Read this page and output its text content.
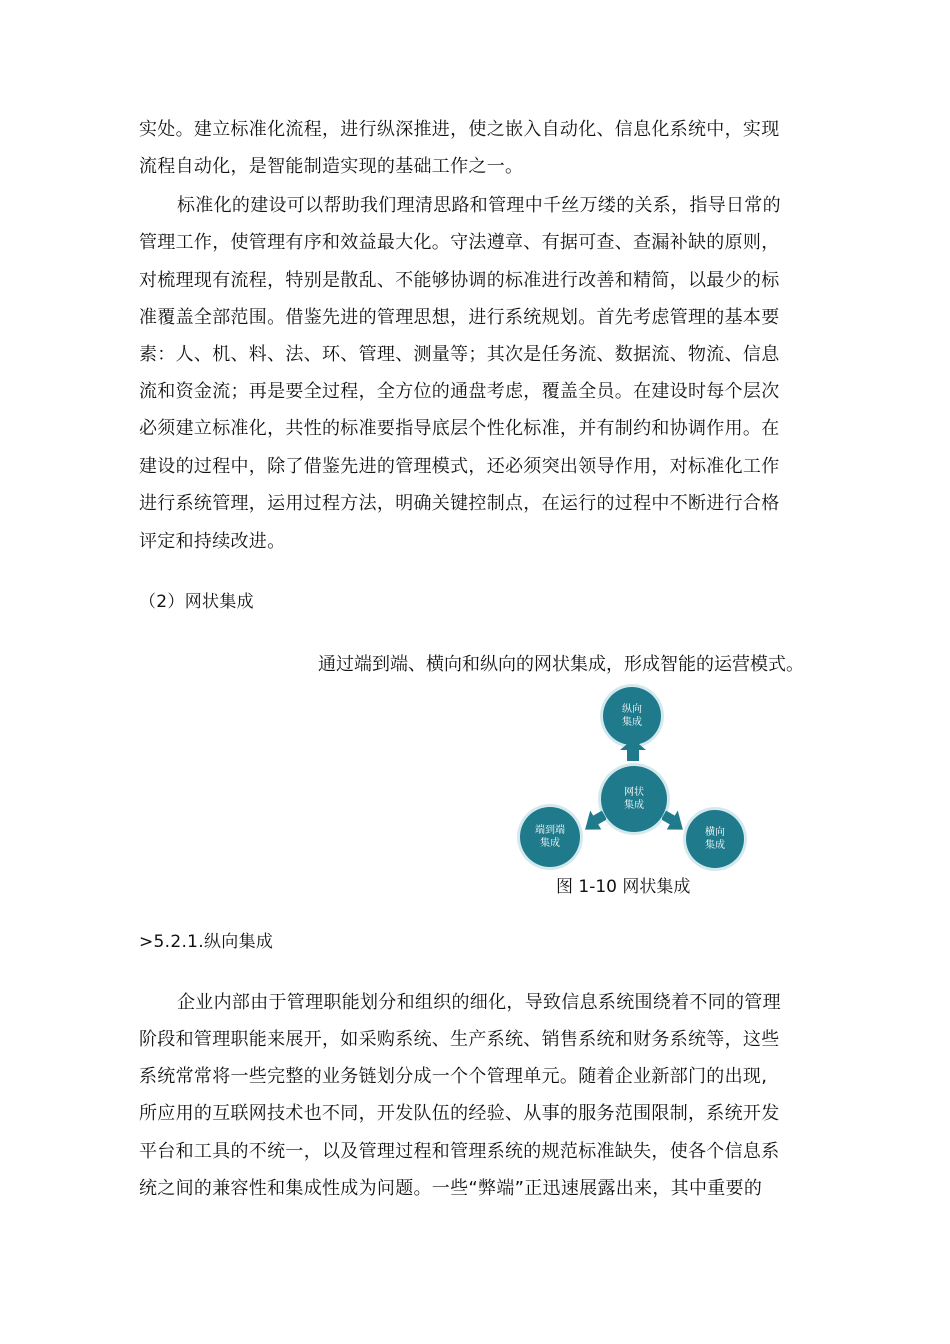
实处。建立标准化流程，进行纵深推进，使之嵌入自动化、信息化系统中，实现
流程自动化，是智能制造实现的基础工作之一。
标准化的建设可以帮助我们理清思路和管理中千丝万缕的关系，指导日常的
管理工作，使管理有序和效益最大化。守法遵章、有据可查、查漏补缺的原则，
对梳理现有流程，特别是散乱、不能够协调的标准进行改善和精简，以最少的标
准覆盖全部范围。借鉴先进的管理思想，进行系统规划。首先考虑管理的基本要
素：人、机、料、法、环、管理、测量等；其次是任务流、数据流、物流、信息
流和资金流；再是要全过程，全方位的通盘考虑，覆盖全员。在建设时每个层次
必须建立标准化，共性的标准要指导底层个性化标准，并有制约和协调作用。在
建设的过程中，除了借鉴先进的管理模式，还必须突出领导作用，对标准化工作
进行系统管理，运用过程方法，明确关键控制点，在运行的过程中不断进行合格
评定和持续改进。
（2）网状集成
通过端到端、横向和纵向的网状集成，形成智能的运营模式。
纵向
集成
网状
集成
端到端
集成
横向
集成
图 1-10 网状集成
>5.2.1.纵向集成
企业内部由于管理职能划分和组织的细化，导致信息系统围绕着不同的管理
阶段和管理职能来展开，如采购系统、生产系统、销售系统和财务系统等，这些
系统常常将一些完整的业务链划分成一个个管理单元。随着企业新部门的出现,
所应用的互联网技术也不同，开发队伍的经验、从事的服务范围限制，系统开发
平台和工具的不统一，以及管理过程和管理系统的规范标准缺失，使各个信息系
统之间的兼容性和集成性成为问题。一些“弊端”正迅速展露出来，其中重要的
